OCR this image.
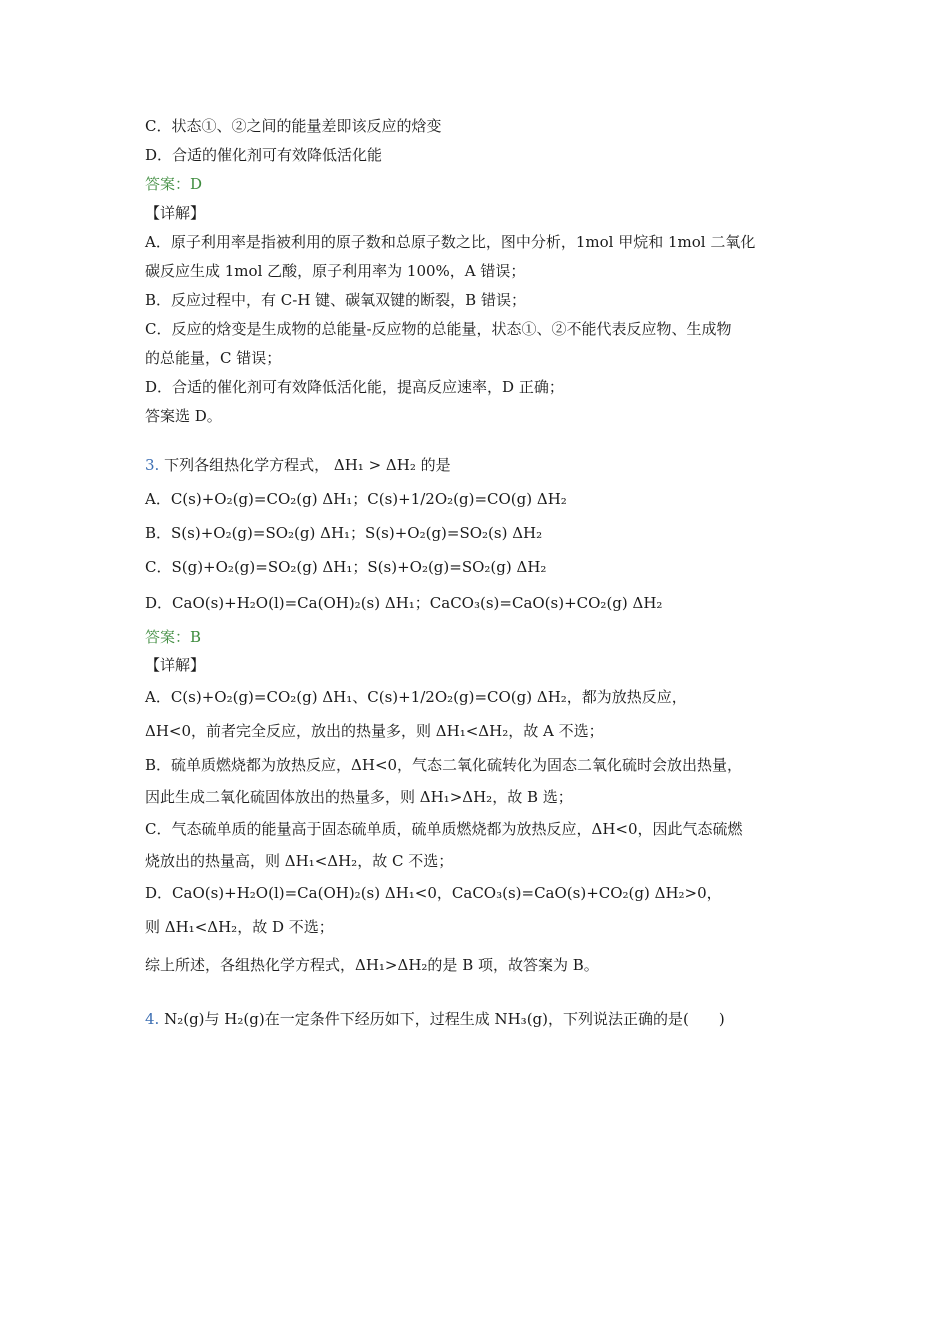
C．状态①、②之间的能量差即该反应的焓变
D．合适的催化剂可有效降低活化能
答案：D
【详解】
A．原子利用率是指被利用的原子数和总原子数之比，图中分析，1mol 甲烷和 1mol 二氧化
碳反应生成 1mol 乙酸，原子利用率为 100%，A 错误；
B．反应过程中，有 C-H 键、碳氧双键的断裂，B 错误；
C．反应的焓变是生成物的总能量-反应物的总能量，状态①、②不能代表反应物、生成物
的总能量，C 错误；
D．合适的催化剂可有效降低活化能，提高反应速率，D 正确；
答案选 D。
3. 下列各组热化学方程式， ΔH₁ > ΔH₂ 的是
A．C(s)+O₂(g)=CO₂(g) ΔH₁；C(s)+1/2O₂(g)=CO(g) ΔH₂
B．S(s)+O₂(g)=SO₂(g) ΔH₁；S(s)+O₂(g)=SO₂(s) ΔH₂
C．S(g)+O₂(g)=SO₂(g) ΔH₁；S(s)+O₂(g)=SO₂(g) ΔH₂
D．CaO(s)+H₂O(l)=Ca(OH)₂(s) ΔH₁；CaCO₃(s)=CaO(s)+CO₂(g) ΔH₂
答案：B
【详解】
A．C(s)+O₂(g)=CO₂(g) ΔH₁、C(s)+1/2O₂(g)=CO(g) ΔH₂，都为放热反应，
ΔH<0，前者完全反应，放出的热量多，则 ΔH₁<ΔH₂，故 A 不选；
B．硫单质燃烧都为放热反应，ΔH<0，气态二氧化硫转化为固态二氧化硫时会放出热量，
因此生成二氧化硫固体放出的热量多，则 ΔH₁>ΔH₂，故 B 选；
C．气态硫单质的能量高于固态硫单质，硫单质燃烧都为放热反应，ΔH<0，因此气态硫燃
烧放出的热量高，则 ΔH₁<ΔH₂，故 C 不选；
D．CaO(s)+H₂O(l)=Ca(OH)₂(s) ΔH₁<0，CaCO₃(s)=CaO(s)+CO₂(g) ΔH₂>0，
则 ΔH₁<ΔH₂，故 D 不选；
综上所述，各组热化学方程式，ΔH₁>ΔH₂的是 B 项，故答案为 B。
4. N₂(g)与 H₂(g)在一定条件下经历如下，过程生成 NH₃(g)，下列说法正确的是(　　)
